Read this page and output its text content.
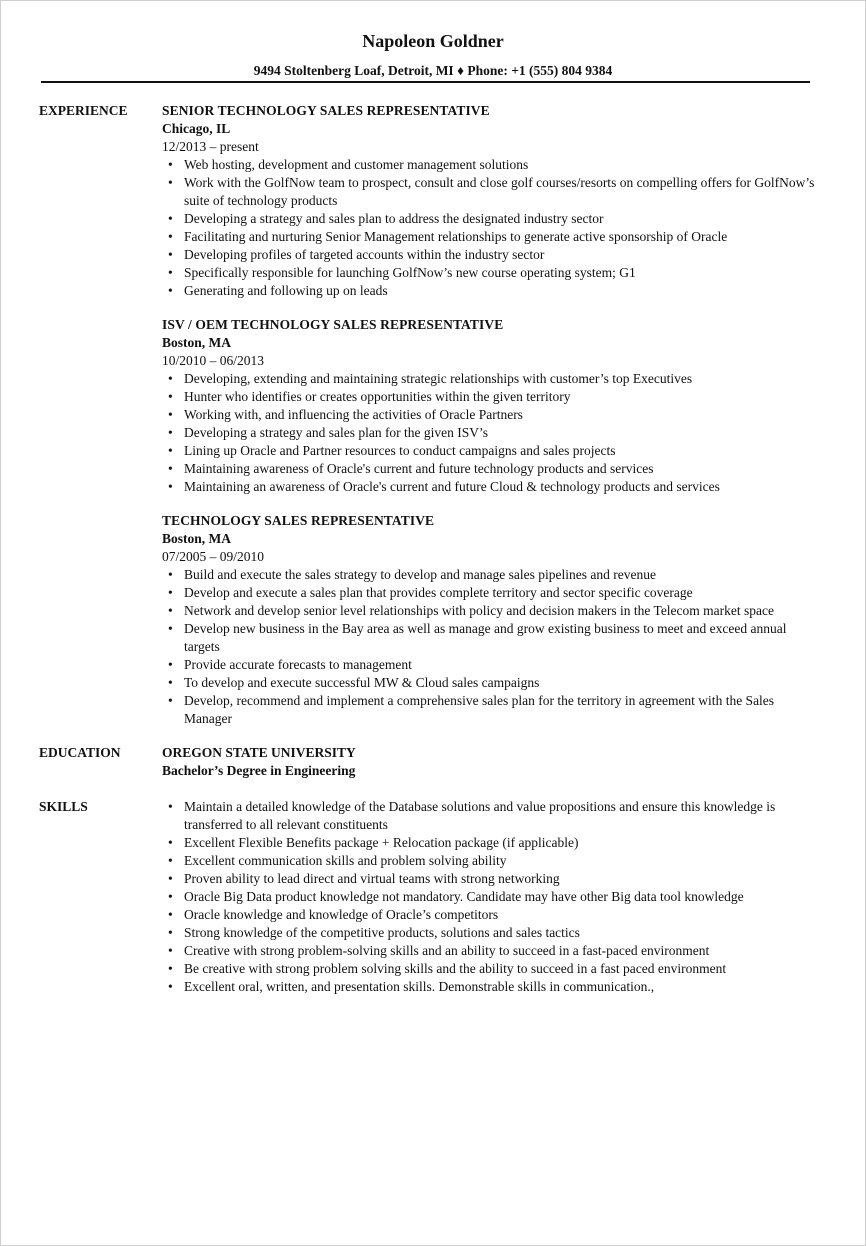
Napoleon Goldner
9494 Stoltenberg Loaf, Detroit, MI ♦ Phone: +1 (555) 804 9384
EXPERIENCE	SENIOR TECHNOLOGY SALES REPRESENTATIVE
Chicago, IL
12/2013 – present
• Web hosting, development and customer management solutions
• Work with the GolfNow team to prospect, consult and close golf courses/resorts on compelling offers for GolfNow’s suite of technology products
• Developing a strategy and sales plan to address the designated industry sector
• Facilitating and nurturing Senior Management relationships to generate active sponsorship of Oracle
• Developing profiles of targeted accounts within the industry sector
• Specifically responsible for launching GolfNow’s new course operating system; G1
• Generating and following up on leads
ISV / OEM TECHNOLOGY SALES REPRESENTATIVE
Boston, MA
10/2010 – 06/2013
• Developing, extending and maintaining strategic relationships with customer’s top Executives
• Hunter who identifies or creates opportunities within the given territory
• Working with, and influencing the activities of Oracle Partners
• Developing a strategy and sales plan for the given ISV’s
• Lining up Oracle and Partner resources to conduct campaigns and sales projects
• Maintaining awareness of Oracle's current and future technology products and services
• Maintaining an awareness of Oracle's current and future Cloud & technology products and services
TECHNOLOGY SALES REPRESENTATIVE
Boston, MA
07/2005 – 09/2010
• Build and execute the sales strategy to develop and manage sales pipelines and revenue
• Develop and execute a sales plan that provides complete territory and sector specific coverage
• Network and develop senior level relationships with policy and decision makers in the Telecom market space
• Develop new business in the Bay area as well as manage and grow existing business to meet and exceed annual targets
• Provide accurate forecasts to management
• To develop and execute successful MW & Cloud sales campaigns
• Develop, recommend and implement a comprehensive sales plan for the territory in agreement with the Sales Manager
EDUCATION	OREGON STATE UNIVERSITY
Bachelor’s Degree in Engineering
SKILLS
•	Maintain a detailed knowledge of the Database solutions and value propositions and ensure this knowledge is transferred to all relevant constituents
• Excellent Flexible Benefits package + Relocation package (if applicable)
• Excellent communication skills and problem solving ability
• Proven ability to lead direct and virtual teams with strong networking
• Oracle Big Data product knowledge not mandatory. Candidate may have other Big data tool knowledge
• Oracle knowledge and knowledge of Oracle’s competitors
• Strong knowledge of the competitive products, solutions and sales tactics
• Creative with strong problem-solving skills and an ability to succeed in a fast-paced environment
• Be creative with strong problem solving skills and the ability to succeed in a fast paced environment
• Excellent oral, written, and presentation skills. Demonstrable skills in communication.,
